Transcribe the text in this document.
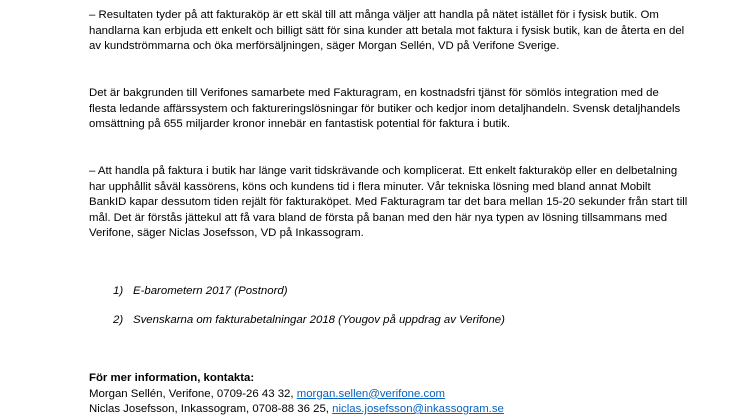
– Resultaten tyder på att fakturaköp är ett skäl till att många väljer att handla på nätet istället för i fysisk butik. Om handlarna kan erbjuda ett enkelt och billigt sätt för sina kunder att betala mot faktura i fysisk butik, kan de återta en del av kundströmmarna och öka merförsäljningen, säger Morgan Sellén, VD på Verifone Sverige.

Det är bakgrunden till Verifones samarbete med Fakturagram, en kostnadsfri tjänst för sömlös integration med de flesta ledande affärssystem och faktureringslösningar för butiker och kedjor inom detaljhandeln. Svensk detaljhandels omsättning på 655 miljarder kronor innebär en fantastisk potential för faktura i butik.

– Att handla på faktura i butik har länge varit tidskrävande och komplicerat. Ett enkelt fakturaköp eller en delbetalning har upphållit såväl kassörens, köns och kundens tid i flera minuter. Vår tekniska lösning med bland annat Mobilt BankID kapar dessutom tiden rejält för fakturaköpet. Med Fakturagram tar det bara mellan 15-20 sekunder från start till mål. Det är förstås jättekul att få vara bland de första på banan med den här nya typen av lösning tillsammans med Verifone, säger Niclas Josefsson, VD på Inkassogram.

1) E-barometern 2017 (Postnord)
2) Svenskarna om fakturabetalningar 2018 (Yougov på uppdrag av Verifone)
För mer information, kontakta:
Morgan Sellén, Verifone, 0709-26 43 32, morgan.sellen@verifone.com
Niclas Josefsson, Inkassogram, 0708-88 36 25, niclas.josefsson@inkassogram.se
